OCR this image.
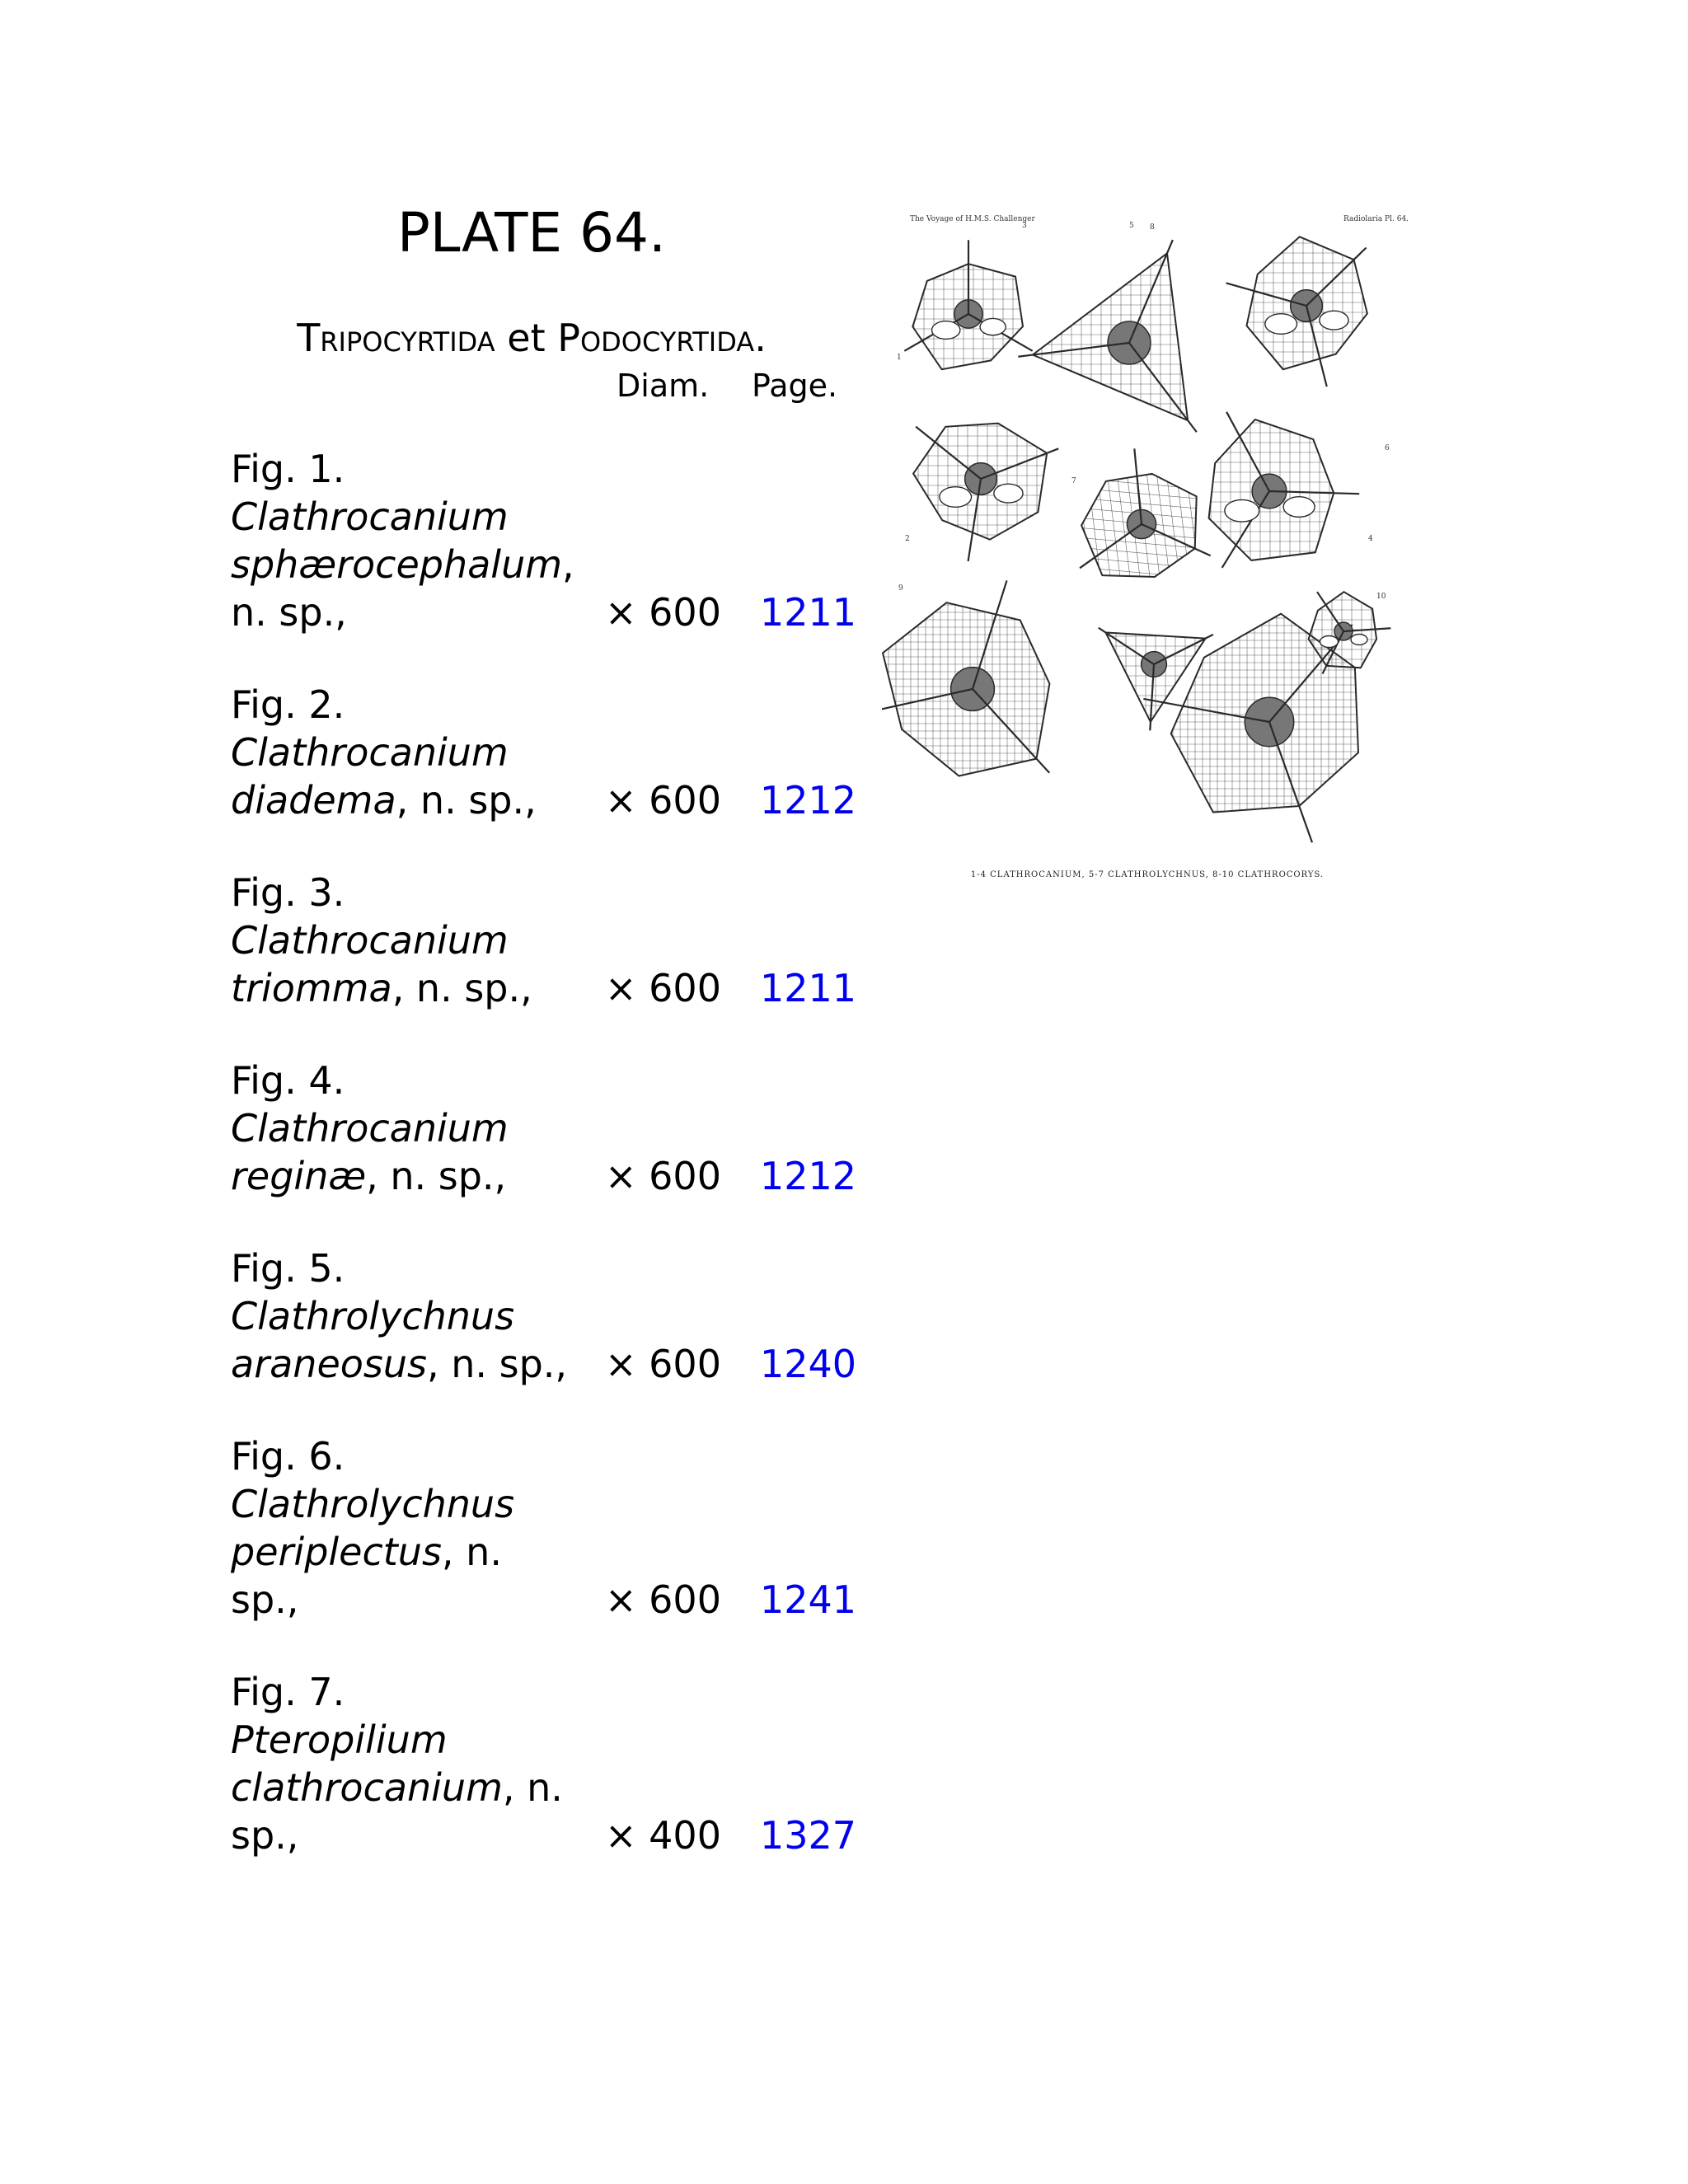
PLATE 64.
Tripocyrtida et Podocyrtida.
Diam. Page.
Fig. 1.
Clathrocanium
sphærocephalum,
n. sp.,	× 600	1211
Fig. 2.
Clathrocanium
diadema, n. sp.,	× 600	1212
Fig. 3.
Clathrocanium
triomma, n. sp.,	× 600	1211
Fig. 4.
Clathrocanium
reginæ, n. sp.,	× 600	1212
Fig. 5.
Clathrolychnus
araneosus, n. sp., × 600	1240
Fig. 6.
Clathrolychnus
periplectus, n.
sp.,	× 600	1241
Fig. 7.
Pteropilium
clathrocanium, n.
sp.,	× 400	1327
The Voyage of H.M.S. Challenger	Radiolaria Pl. 64.
1
2
3
4
5
6
7
8
9
10
1-4 CLATHROCANIUM, 5-7 CLATHROLYCHNUS, 8-10 CLATHROCORYS.
